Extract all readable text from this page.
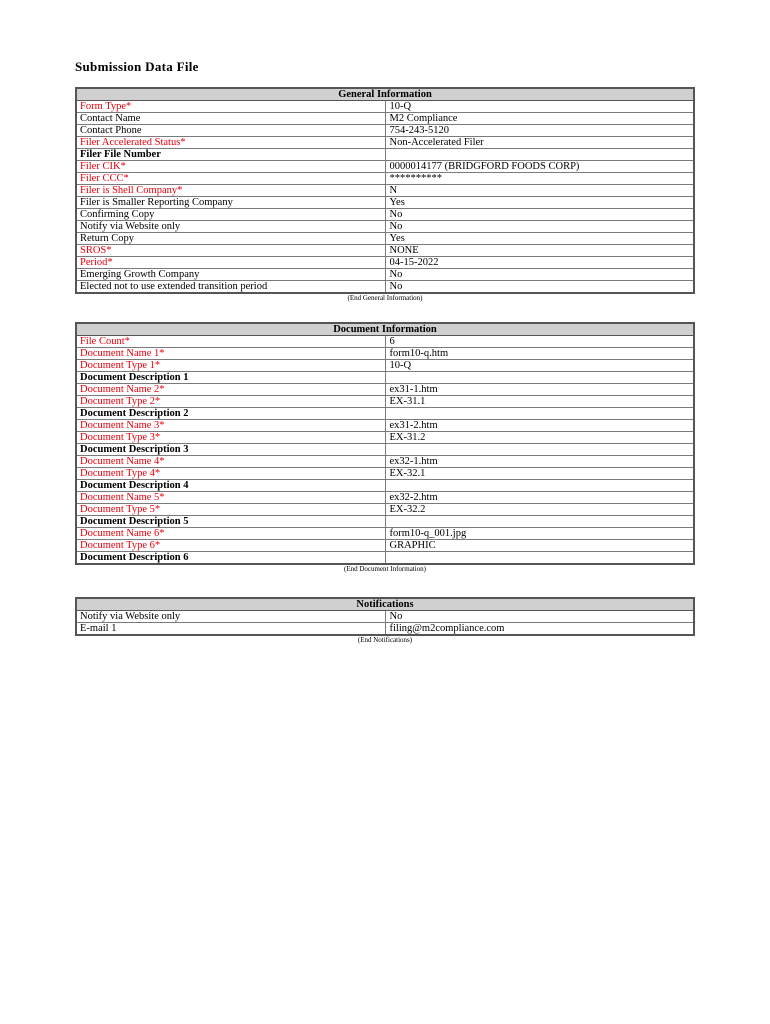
Submission Data File
General Information	
Form Type*	10-Q
Contact Name	M2 Compliance
Contact Phone	754-243-5120
Filer Accelerated Status*	Non-Accelerated Filer
Filer File Number	
Filer CIK*	0000014177 (BRIDGFORD FOODS CORP)
Filer CCC*	**********
Filer is Shell Company*	N
Filer is Smaller Reporting Company	Yes
Confirming Copy	No
Notify via Website only	No
Return Copy	Yes
SROS*	NONE
Period*	04-15-2022
Emerging Growth Company	No
Elected not to use extended transition period	No
(End General Information)
Document Information	
File Count*	6
Document Name 1*	form10-q.htm
Document Type 1*	10-Q
Document Description 1	
Document Name 2*	ex31-1.htm
Document Type 2*	EX-31.1
Document Description 2	
Document Name 3*	ex31-2.htm
Document Type 3*	EX-31.2
Document Description 3	
Document Name 4*	ex32-1.htm
Document Type 4*	EX-32.1
Document Description 4	
Document Name 5*	ex32-2.htm
Document Type 5*	EX-32.2
Document Description 5	
Document Name 6*	form10-q_001.jpg
Document Type 6*	GRAPHIC
Document Description 6	
(End Document Information)
Notifications	
Notify via Website only	No
E-mail 1	filing@m2compliance.com
(End Notifications)
